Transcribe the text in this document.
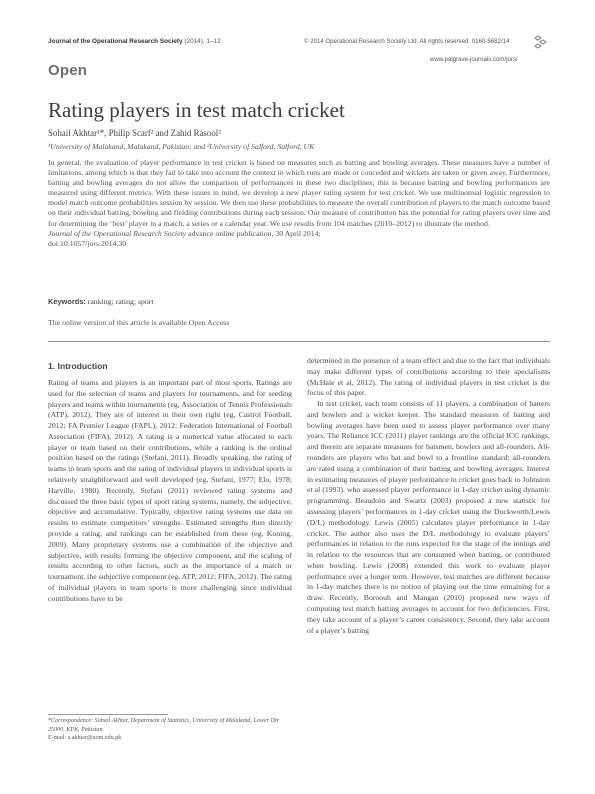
Journal of the Operational Research Society (2014), 1–12	© 2014 Operational Research Society Ltd. All rights reserved. 0160-5682/14
www.palgrave-journals.com/jors/
Open
Rating players in test match cricket
Sohail Akhtar¹*, Philip Scarf² and Zahid Rasool²
¹University of Malakand, Malakand, Pakistan; and ²University of Salford, Salford, UK

In general, the evaluation of player performance in test cricket is based on measures such as batting and bowling averages. These measures have a number of limitations, among which is that they fail to take into account the context in which runs are made or conceded and wickets are taken or given away. Furthermore, batting and bowling averages do not allow the comparison of performances in these two disciplines; this is because batting and bowling performances are measured using different metrics. With these issues in mind, we develop a new player rating system for test cricket. We use multinomial logistic regression to model match outcome probabilities session by session. We then use these probabilities to measure the overall contribution of players to the match outcome based on their individual batting, bowling and fielding contributions during each session. Our measure of contribution has the potential for rating players over time and for determining the ‘best’ player in a match, a series or a calendar year. We use results from 104 matches (2010–2012) to illustrate the method.

Journal of the Operational Research Society advance online publication, 30 April 2014;

doi:10.1057/jors.2014.30

Keywords: ranking; rating; sport
The online version of this article is available Open Access
1. Introduction

Rating of teams and players is an important part of most sports. Ratings are used for the selection of teams and players for tournaments, and for seeding players and teams within tournaments (eg, Association of Tennis Professionals (ATP), 2012). They are of interest in their own right (eg, Castrol Football, 2012; FA Premier League (FAPL), 2012; Federation International of Football Association (FIFA), 2012). A rating is a numerical value allocated to each player or team based on their contributions, while a ranking is the ordinal position based on the ratings (Stefani, 2011). Broadly speaking, the rating of teams in team sports and the rating of individual players in individual sports is relatively straightforward and well developed (eg, Stefani, 1977; Elo, 1978; Harville, 1980). Recently, Stefani (2011) reviewed rating systems and discussed the three basic types of sport rating systems, namely, the subjective, objective and accumulative. Typically, objective rating systems use data on results to estimate competitors’ strengths. Estimated strengths then directly provide a rating, and rankings can be established from these (eg, Koning, 2009). Many proprietary systems use a combination of the objective and subjective, with results forming the objective component, and the scaling of results according to other factors, such as the importance of a match or tournament, the subjective component (eg, ATP, 2012; FIFA, 2012). The rating of individual players in team sports is more challenging since individual contributions have to be

determined in the presence of a team effect and due to the fact that individuals may make different types of contributions according to their specialisms (McHale et al, 2012). The rating of individual players in test cricket is the focus of this paper.

In test cricket, each team consists of 11 players, a combination of batters and bowlers and a wicket keeper. The standard measures of batting and bowling averages have been used to assess player performance over many years. The Reliance ICC (2011) player rankings are the official ICC rankings, and therein are separate measures for batsmen, bowlers and all-rounders. All-rounders are players who bat and bowl to a frontline standard; all-rounders are rated using a combination of their batting and bowling averages. Interest in estimating measures of player performance in cricket goes back to Johnston et al (1993), who assessed player performance in 1-day cricket using dynamic programming. Beaudoin and Swartz (2003) proposed a new statistic for assessing players’ performances in 1-day cricket using the Duckworth/Lewis (D/L) methodology. Lewis (2005) calculates player performance in 1-day cricket. The author also uses the D/L methodology to evaluate players’ performances in relation to the runs expected for the stage of the innings and in relation to the resources that are consumed when batting, or contributed when bowling. Lewis (2008) extended this work to evaluate player performance over a longer term. However, test matches are different because in 1-day matches there is no notion of playing out the time remaining for a draw. Recently, Boroouh and Mangan (2010) proposed new ways of computing test match batting averages to account for two deficiencies. First, they take account of a player’s career consistency. Second, they take account of a player’s batting

*Correspondence: Sohail Akhtar, Department of Statistics, University of Malakand, Lower Dir 25000, KPK, Pakistan.
E-mail: s.akhtar@uom.edu.pk
